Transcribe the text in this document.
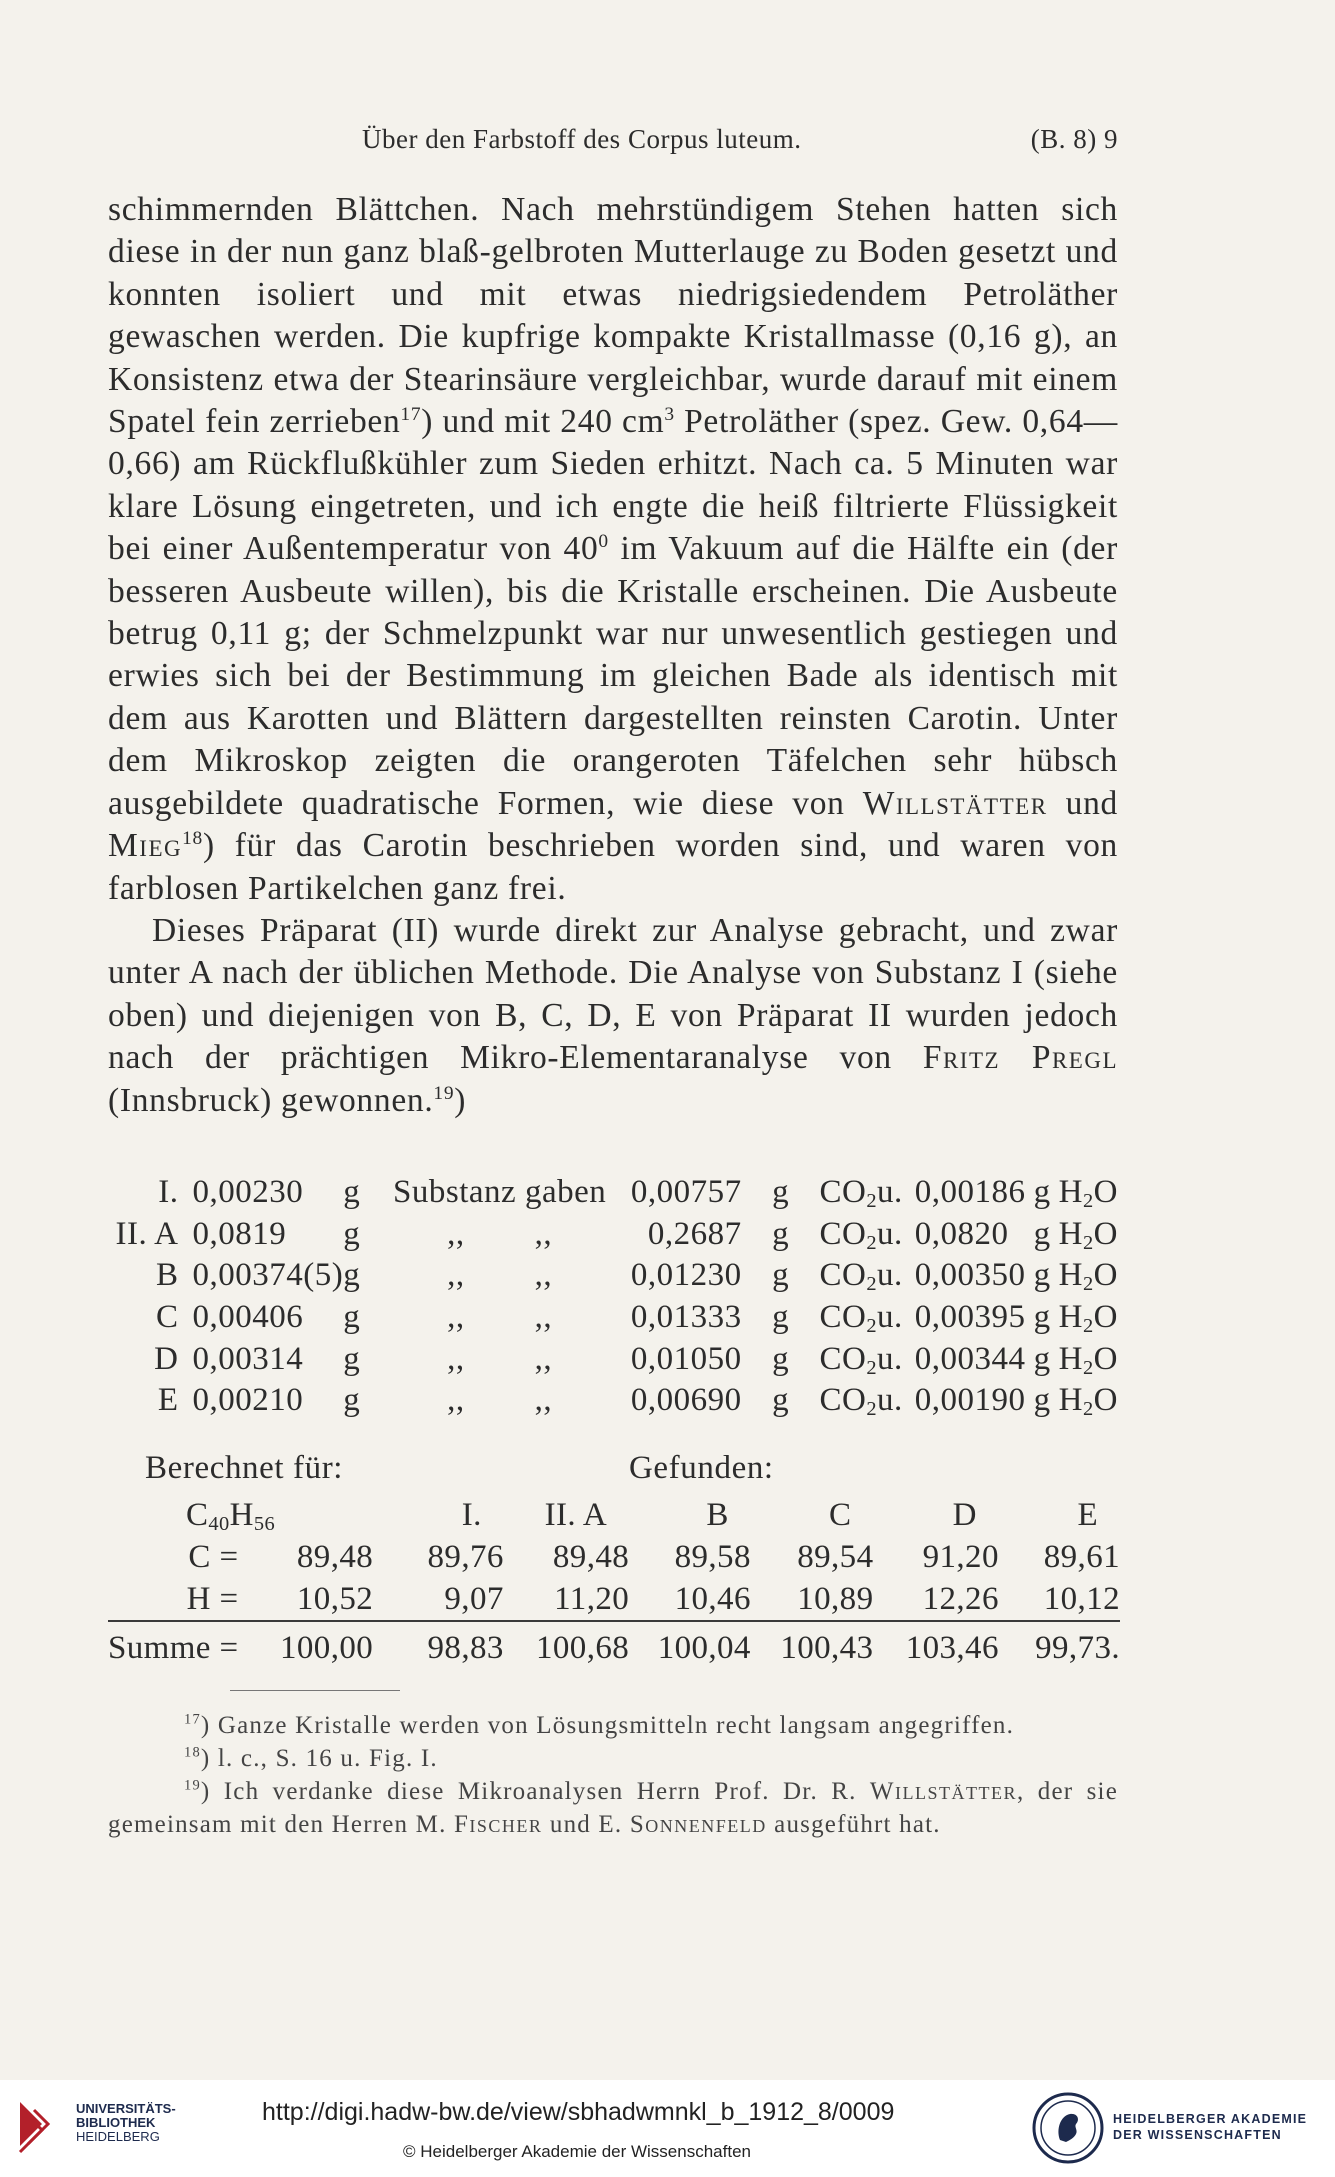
Über den Farbstoff des Corpus luteum.	(B. 8) 9

schimmernden Blättchen. Nach mehrstündigem Stehen hatten sich diese in der nun ganz blaß-gelbroten Mutterlauge zu Boden gesetzt und konnten isoliert und mit etwas niedrigsiedendem Petroläther gewaschen werden. Die kupfrige kompakte Kristallmasse (0,16 g), an Konsistenz etwa der Stearinsäure vergleichbar, wurde darauf mit einem Spatel fein zerrieben$^{17}$) und mit 240 $cm^3$ Petroläther (spez. Gew. 0,64—0,66) am Rückflußkühler zum Sieden erhitzt. Nach ca. 5 Minuten war klare Lösung eingetreten, und ich engte die heiß filtrierte Flüssigkeit bei einer Außentemperatur von $40^0$ im Vakuum auf die Hälfte ein (der besseren Ausbeute willen), bis die Kristalle erscheinen. Die Ausbeute betrug 0,11 g; der Schmelzpunkt war nur unwesentlich gestiegen und erwies sich bei der Bestimmung im gleichen Bade als identisch mit dem aus Karotten und Blättern dargestellten reinsten Carotin. Unter dem Mikroskop zeigten die orangeroten Täfelchen sehr hübsch ausgebildete quadratische Formen, wie diese von Willstätter und Mieg$^{18}$) für das Carotin beschrieben worden sind, und waren von farblosen Partikelchen ganz frei.

Dieses Präparat (II) wurde direkt zur Analyse gebracht, und zwar unter A nach der üblichen Methode. Die Analyse von Substanz I (siehe oben) und diejenigen von B, C, D, E von Präparat II wurden jedoch nach der prächtigen Mikro-Elementaranalyse von Fritz Pregl (Innsbruck) gewonnen.$^{19}$)

I.	0,00230	g	Substanz gaben	0,00757	g	$CO_2$	u. 0,00186	g $H_2O$
II. A	0,0819	g	,,        ,,	0,2687	g	$CO_2$	u. 0,0820	g $H_2O$
B	0,00374(5)	g	,,        ,,	0,01230	g	$CO_2$	u. 0,00350	g $H_2O$
C	0,00406	g	,,        ,,	0,01333	g	$CO_2$	u. 0,00395	g $H_2O$
D	0,00314	g	,,        ,,	0,01050	g	$CO_2$	u. 0,00344	g $H_2O$
E	0,00210	g	,,        ,,	0,00690	g	$CO_2$	u. 0,00190	g $H_2O$
Berechnet für:	Gefunden:
$C_{40}H_{56}$		I.	II. A	B	C	D	E
C =	89,48	89,76	89,48	89,58	89,54	91,20	89,61
H =	10,52	9,07	11,20	10,46	10,89	12,26	10,12
Summe =	100,00	98,83	100,68	100,04	100,43	103,46	99,73.

$^{17}$) Ganze Kristalle werden von Lösungsmitteln recht langsam angegriffen.

$^{18}$) l. c., S. 16 u. Fig. I.

$^{19}$) Ich verdanke diese Mikroanalysen Herrn Prof. Dr. R. Willstätter, der sie gemeinsam mit den Herren M. Fischer und E. Sonnenfeld ausgeführt hat.

UNIVERSITÄTS-
BIBLIOTHEK
HEIDELBERG
http://digi.hadw-bw.de/view/sbhadwmnkl_b_1912_8/0009
© Heidelberger Akademie der Wissenschaften
HEIDELBERGER AKADEMIE
DER WISSENSCHAFTEN
